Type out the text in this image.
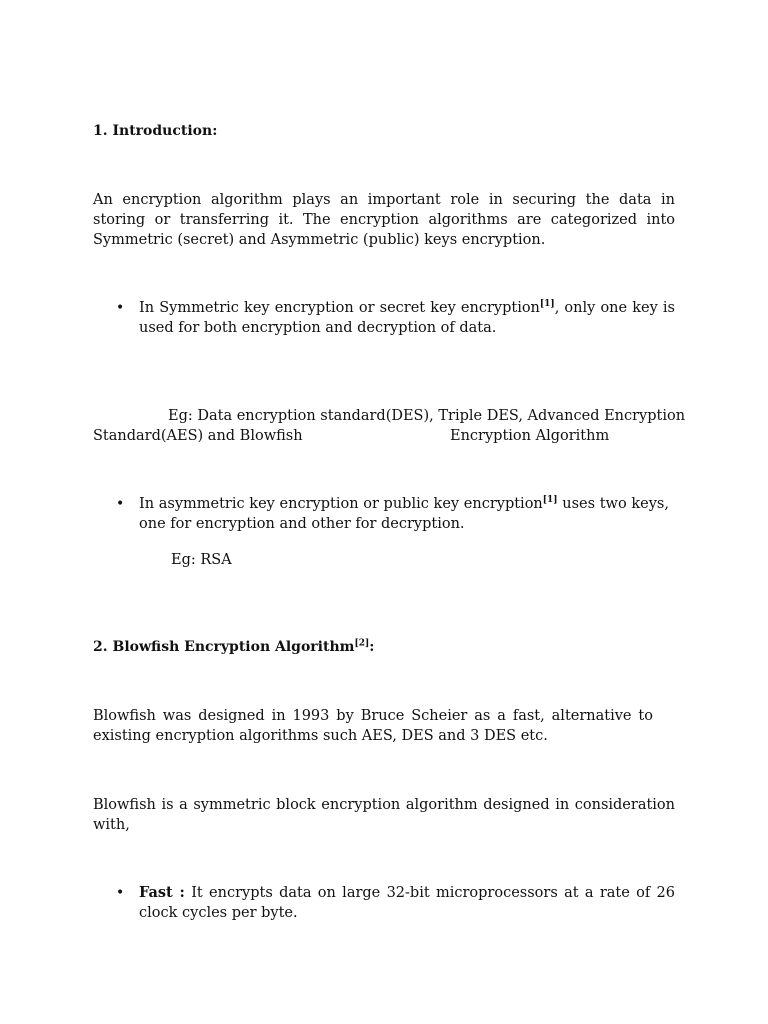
1. Introduction:
An encryption algorithm plays an important role in securing the data in storing or transferring it. The encryption algorithms are categorized into Symmetric (secret) and Asymmetric (public) keys encryption.
• In Symmetric key encryption or secret key encryption[1], only one key is used for both encryption and decryption of data.
Eg: Data encryption standard(DES), Triple DES, Advanced Encryption
Standard(AES) and Blowfish	Encryption Algorithm
• In asymmetric key encryption or public key encryption[1] uses two keys, one for encryption and other for decryption.
Eg: RSA
2. Blowfish Encryption Algorithm[2]:
Blowfish was designed in 1993 by Bruce Scheier as a fast, alternative to existing encryption algorithms such AES, DES and 3 DES etc.
Blowfish is a symmetric block encryption algorithm designed in consideration with,
• Fast : It encrypts data on large 32-bit microprocessors at a rate of 26 clock cycles per byte.
